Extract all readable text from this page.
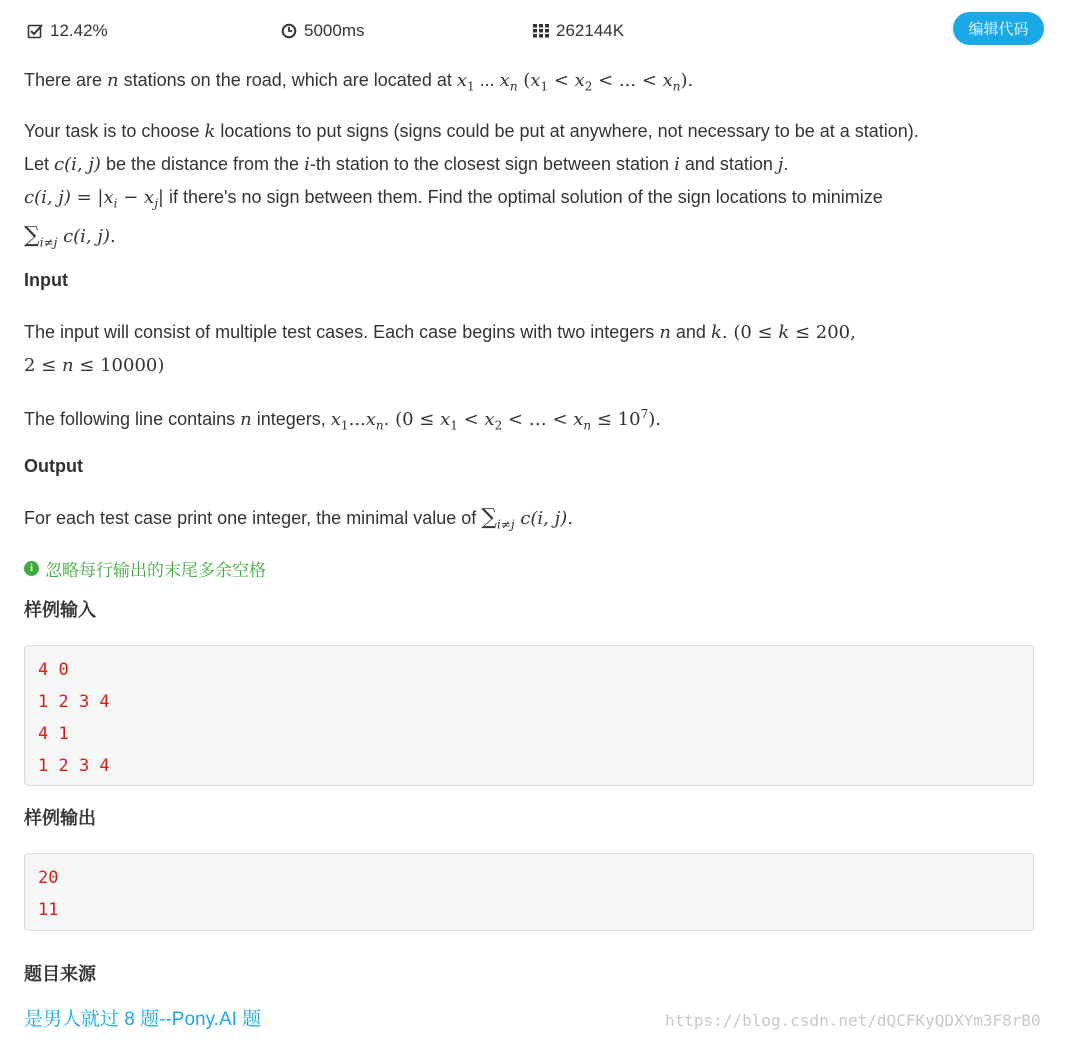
12.42%	5000ms	262144K	编辑代码

There are n stations on the road, which are located at $x_1$ ... $x_n$ ($x_1 < x_2$ < ... < $x_n$).

Your task is to choose k locations to put signs (signs could be put at anywhere, not necessary to be at a station).

Let c(i, j) be the distance from the i-th station to the closest sign between station i and station j.

c(i, $j) = |x_i - x_j|$ if there's no sign between them. Find the optimal solution of the sign locations to minimize

$\sum_{i\ne j}$ c(i, j).

Input

The input will consist of multiple test cases. Each case begins with two integers n and k. (0 ≤ k ≤ 200,

2 ≤ n ≤ 10000)

The following line contains n integers, $x_1...x_n$. ($0 \le x_1 < x_2$ < … < $x_n \le 10^7$).

Output

For each test case print one integer, the minimal value of $\sum_{i\ne j}$ c(i, j).

i 忽略每行输出的末尾多余空格
样例输入
4 0
1 2 3 4
4 1
1 2 3 4
样例输出
20
11
题目来源
是男人就过 8 题--Pony.AI 题	https://blog.csdn.net/dQCFKyQDXYm3F8rB0
